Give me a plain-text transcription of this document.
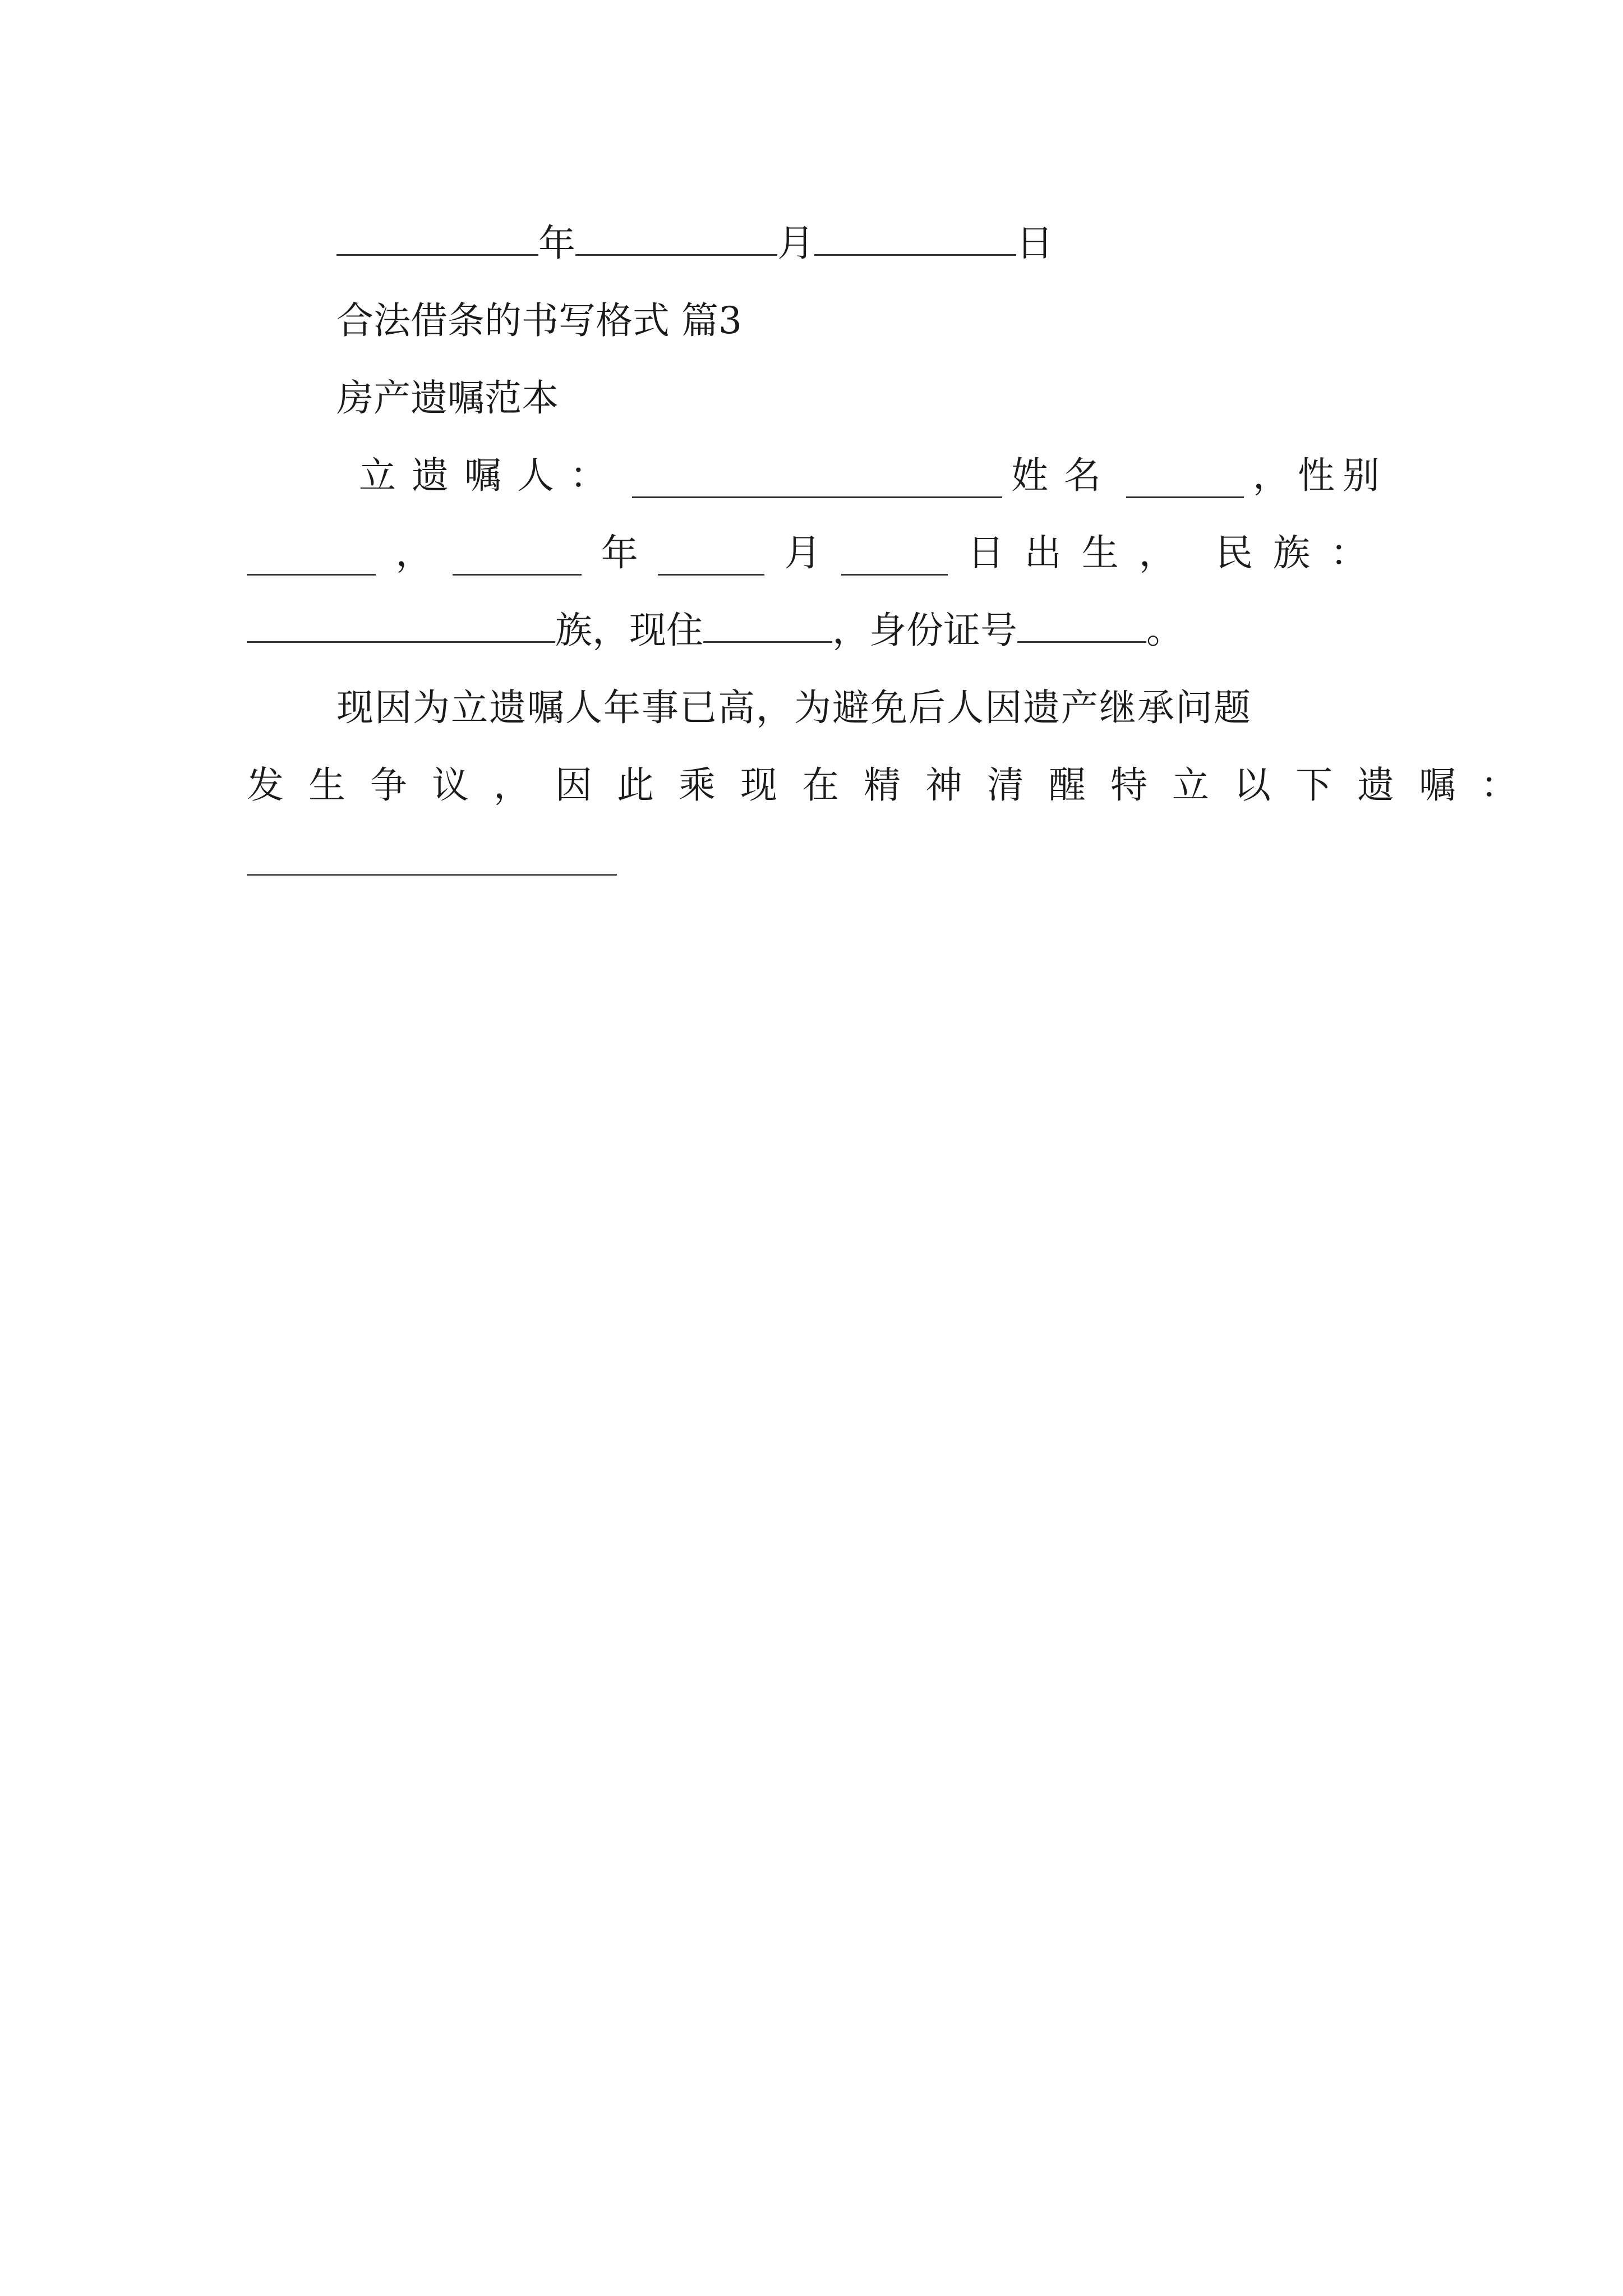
年	月	日
合法借条的书写格式 篇3
房产遗嘱范本
立遗嘱人：	姓名	，性别
，	年	月	日出生， 民族：
族，现住	，身份证号	。
现因为立遗嘱人年事已高，为避免后人因遗产继承问题
发生争议，因此乘现在精神清醒特立以下遗嘱：
